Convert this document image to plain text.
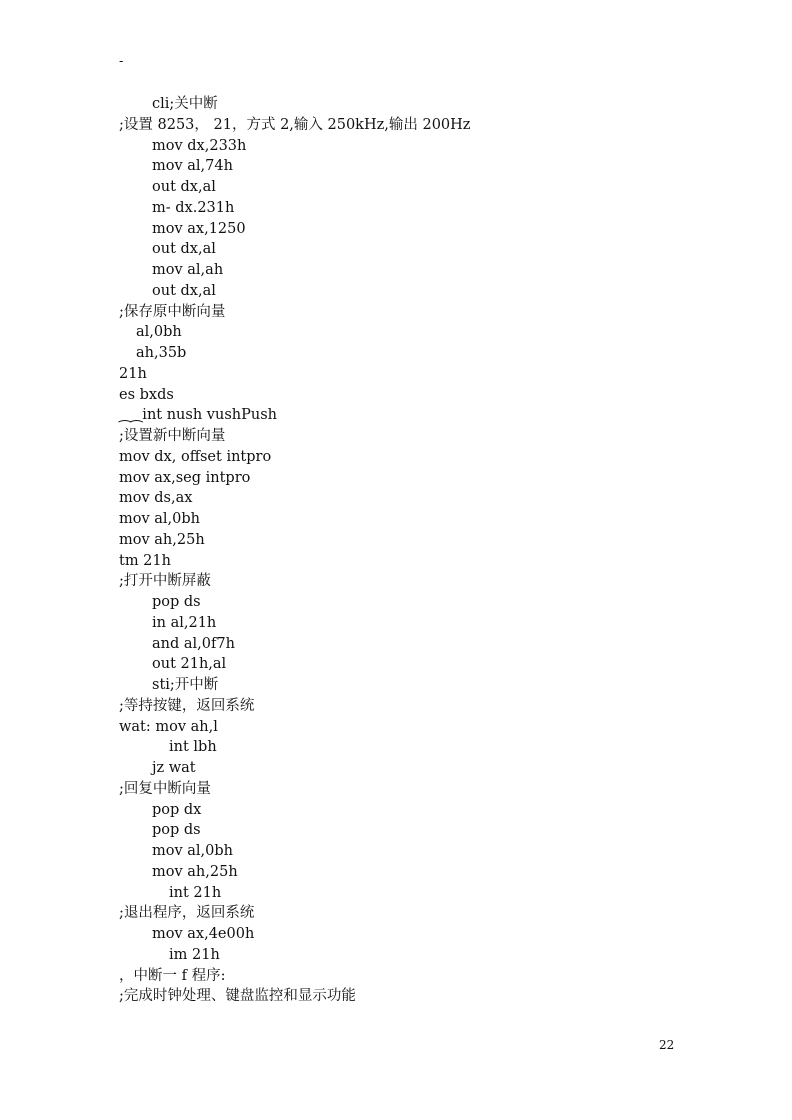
-
cli;关中断
;设置 8253， 21，方式 2,输入 250kHz,输出 200Hz
mov dx,233h
mov al,74h
out dx,al
m- dx.231h
mov ax,1250
out dx,al
mov al,ah
out dx,al
;保存原中断向量
al,0bh
ah,35b
21h
es bxds
⁔⁔int nush vushPush
;设置新中断向量
mov dx, offset intpro
mov ax,seg intpro
mov ds,ax
mov al,0bh
mov ah,25h
tm 21h
;打开中断屏蔽
pop ds
in al,21h
and al,0f7h
out 21h,al
sti;开中断
;等持按键，返回系统
wat: mov ah,l
int lbh
jz wat
;回复中断向量
pop dx
pop ds
mov al,0bh
mov ah,25h
int 21h
;退出程序，返回系统
mov ax,4e00h
im 21h
，中断一 f 程序:
;完成时钟处理、键盘监控和显示功能
22
